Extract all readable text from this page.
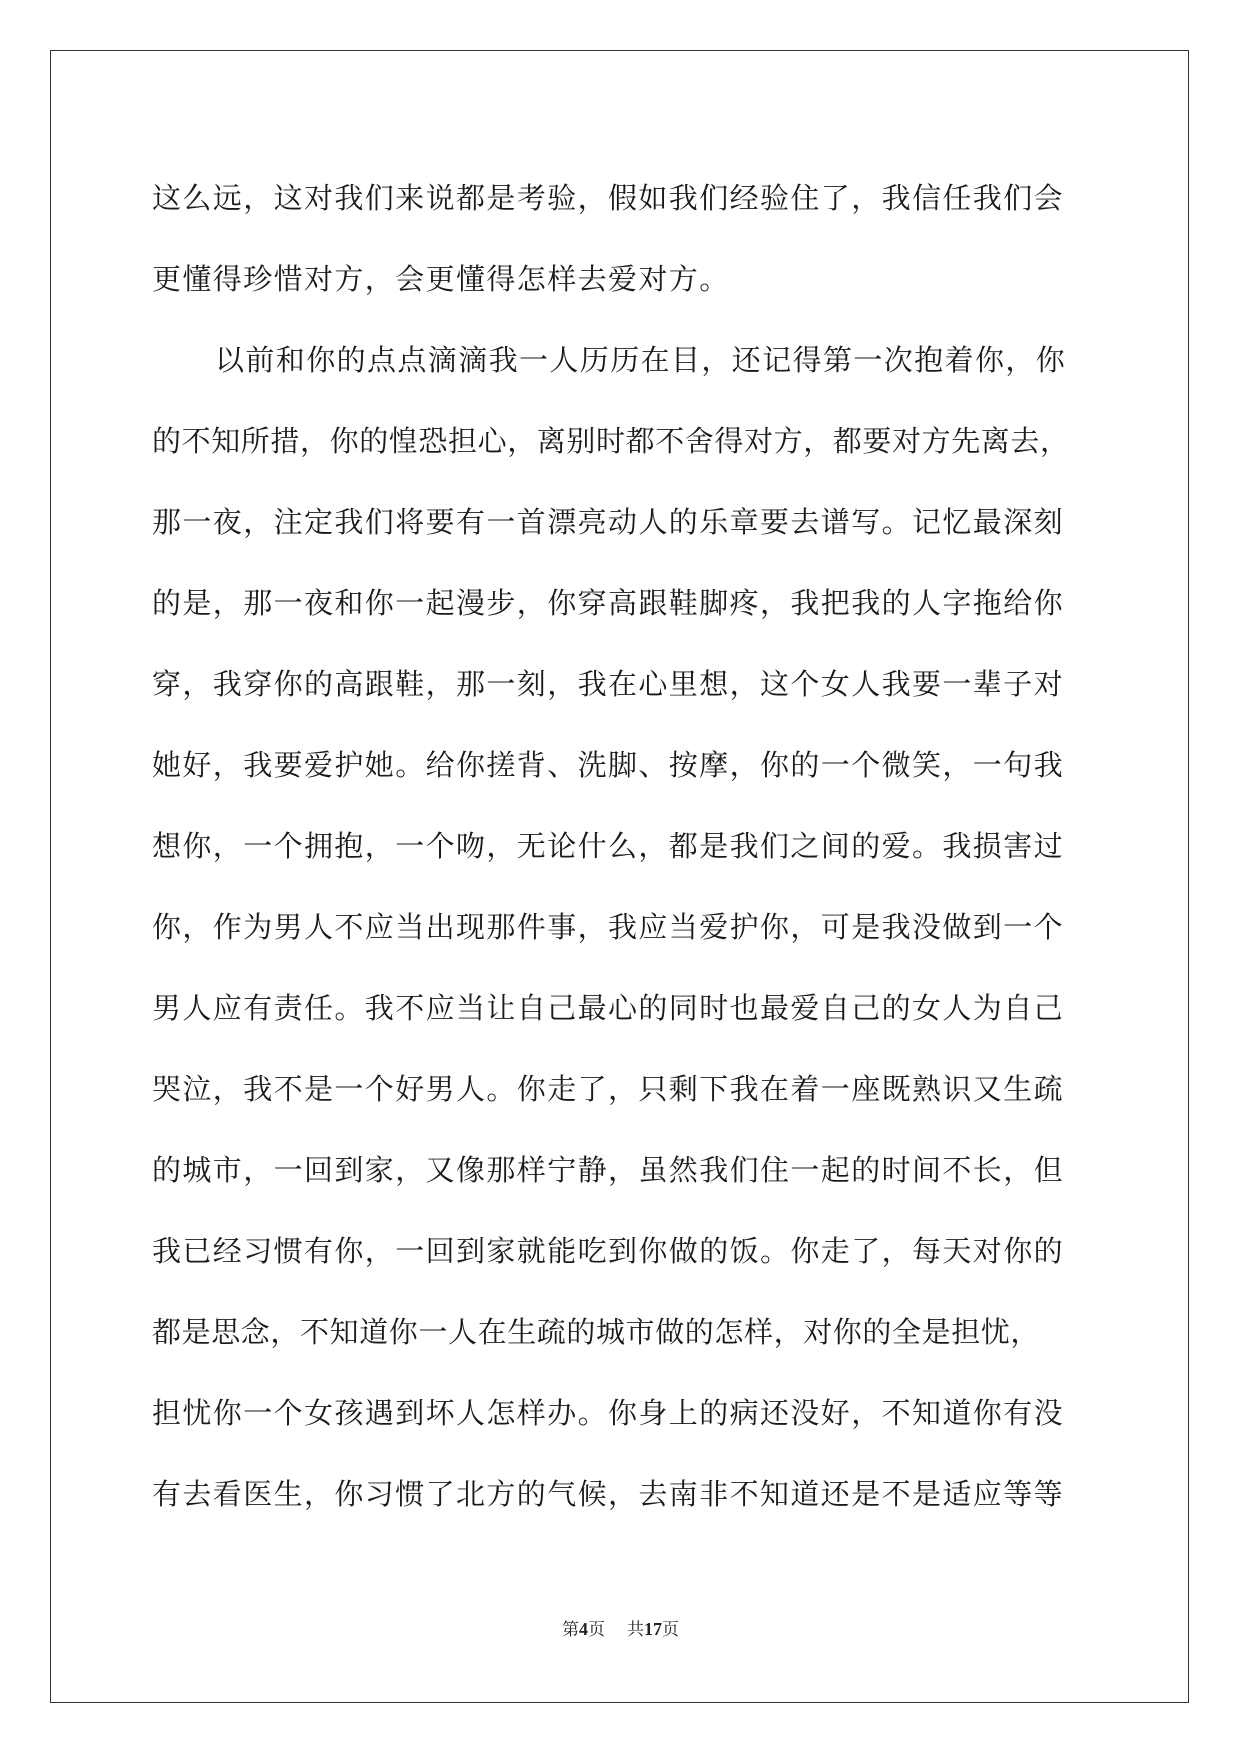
这么远，这对我们来说都是考验，假如我们经验住了，我信任我们会
更懂得珍惜对方，会更懂得怎样去爱对方。
以前和你的点点滴滴我一人历历在目，还记得第一次抱着你，你
的不知所措，你的惶恐担心，离别时都不舍得对方，都要对方先离去，
那一夜，注定我们将要有一首漂亮动人的乐章要去谱写。记忆最深刻
的是，那一夜和你一起漫步，你穿高跟鞋脚疼，我把我的人字拖给你
穿，我穿你的高跟鞋，那一刻，我在心里想，这个女人我要一辈子对
她好，我要爱护她。给你搓背、洗脚、按摩，你的一个微笑，一句我
想你，一个拥抱，一个吻，无论什么，都是我们之间的爱。我损害过
你，作为男人不应当出现那件事，我应当爱护你，可是我没做到一个
男人应有责任。我不应当让自己最心的同时也最爱自己的女人为自己
哭泣，我不是一个好男人。你走了，只剩下我在着一座既熟识又生疏
的城市，一回到家，又像那样宁静，虽然我们住一起的时间不长，但
我已经习惯有你，一回到家就能吃到你做的饭。你走了，每天对你的
都是思念，不知道你一人在生疏的城市做的怎样，对你的全是担忧，
担忧你一个女孩遇到坏人怎样办。你身上的病还没好，不知道你有没
有去看医生，你习惯了北方的气候，去南非不知道还是不是适应等等
第4页 共17页
